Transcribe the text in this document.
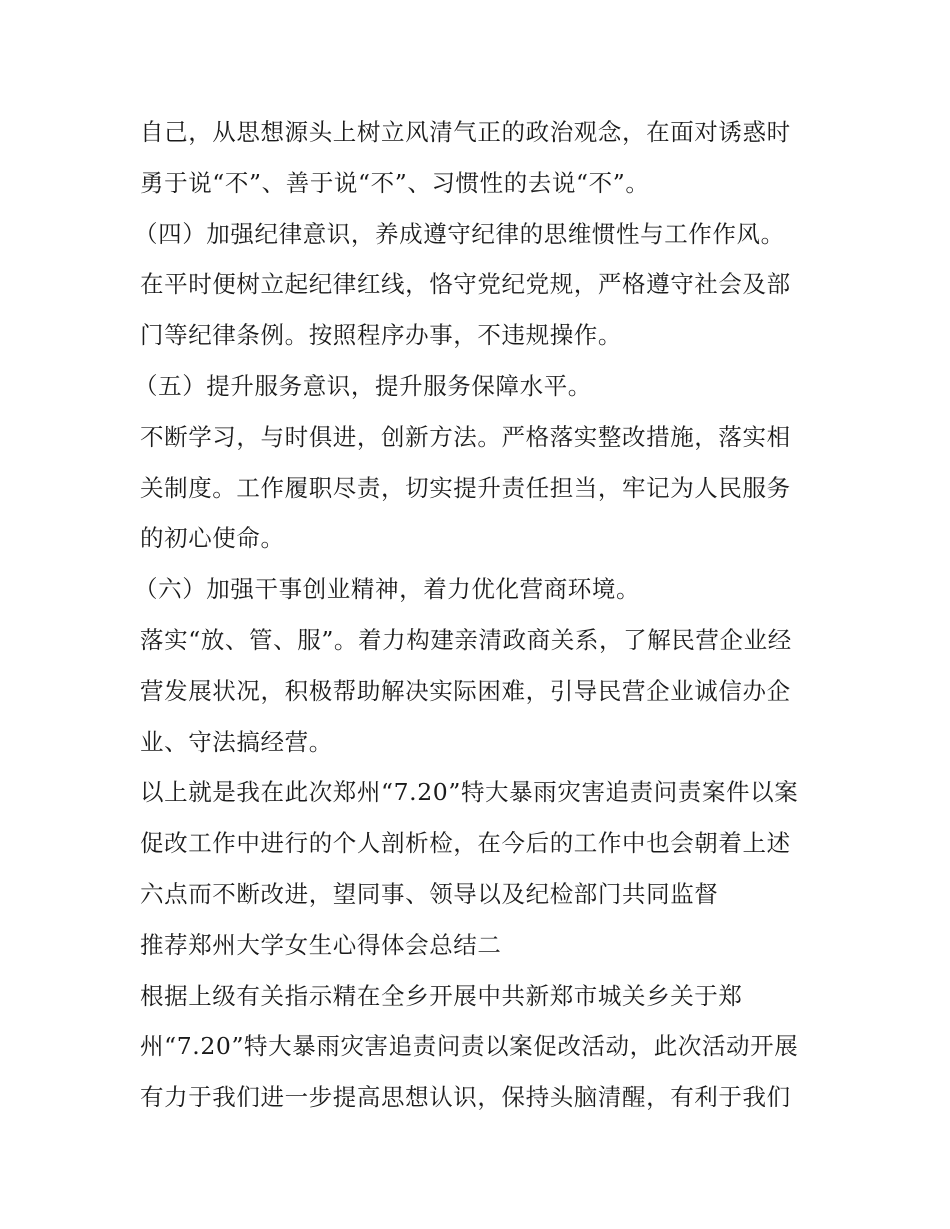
自己，从思想源头上树立风清气正的政治观念，在面对诱惑时
勇于说“不”、善于说“不”、习惯性的去说“不”。
（四）加强纪律意识，养成遵守纪律的思维惯性与工作作风。
在平时便树立起纪律红线，恪守党纪党规，严格遵守社会及部
门等纪律条例。按照程序办事，不违规操作。
（五）提升服务意识，提升服务保障水平。
不断学习，与时俱进，创新方法。严格落实整改措施，落实相
关制度。工作履职尽责，切实提升责任担当，牢记为人民服务
的初心使命。
（六）加强干事创业精神，着力优化营商环境。
落实“放、管、服”。着力构建亲清政商关系，了解民营企业经
营发展状况，积极帮助解决实际困难，引导民营企业诚信办企
业、守法搞经营。
以上就是我在此次郑州“7.20”特大暴雨灾害追责问责案件以案
促改工作中进行的个人剖析检，在今后的工作中也会朝着上述
六点而不断改进，望同事、领导以及纪检部门共同监督
推荐郑州大学女生心得体会总结二
根据上级有关指示精在全乡开展中共新郑市城关乡关于郑
州“7.20”特大暴雨灾害追责问责以案促改活动，此次活动开展
有力于我们进一步提高思想认识，保持头脑清醒，有利于我们
